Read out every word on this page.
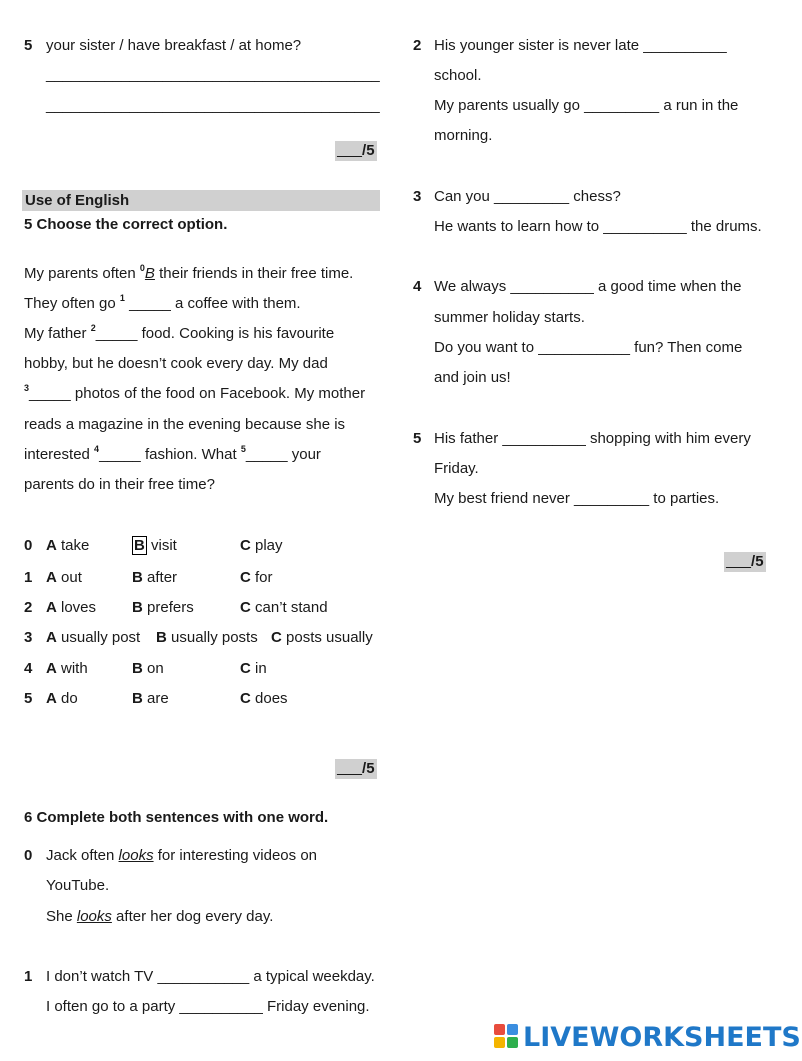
5 your sister / have breakfast / at home?
________________________________________
________________________________________
___/5
Use of English
5 Choose the correct option.
My parents often $^0$B their friends in their free time.
They often go $^1$ _____ a coffee with them.
My father $^2$_____ food. Cooking is his favourite
hobby, but he doesn’t cook every day. My dad
$^3$_____ photos of the food on Facebook. My mother
reads a magazine in the evening because she is
interested $^4$_____ fashion. What $^5$_____ your
parents do in their free time?
0 A take	B visit	C play
1 A out	B after	C for
2 A loves B prefers	C can’t stand
3 A usually post B usually posts C posts usually
4 A with	B on	C in
5 A do	B are	C does
___/5
6 Complete both sentences with one word.
0 Jack often looks for interesting videos on
YouTube.
She looks after her dog every day.
1 I don’t watch TV ___________ a typical weekday.
I often go to a party __________ Friday evening.
2 His younger sister is never late __________
school.
My parents usually go _________ a run in the
morning.
3 Can you _________ chess?
He wants to learn how to __________ the drums.
4 We always __________ a good time when the
summer holiday starts.
Do you want to ___________ fun? Then come
and join us!
5 His father __________ shopping with him every
Friday.
My best friend never _________ to parties.
___/5
LIVEWORKSHEETS
